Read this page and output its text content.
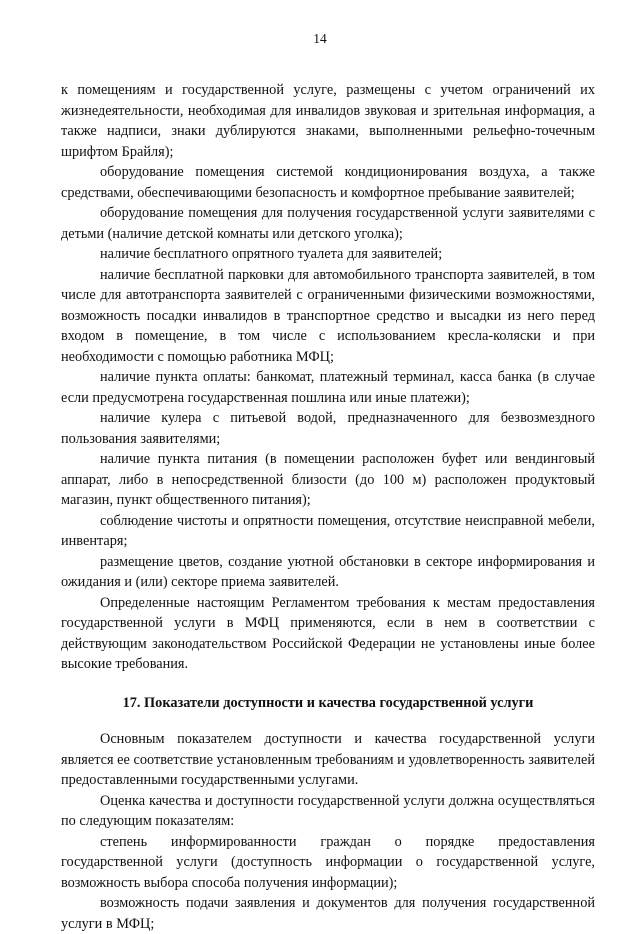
14

к помещениям и государственной услуге, размещены с учетом ограничений их жизнедеятельности, необходимая для инвалидов звуковая и зрительная информация, а также надписи, знаки дублируются знаками, выполненными рельефно-точечным шрифтом Брайля);

оборудование помещения системой кондиционирования воздуха, а также средствами, обеспечивающими безопасность и комфортное пребывание заявителей;

оборудование помещения для получения государственной услуги заявителями с детьми (наличие детской комнаты или детского уголка);

наличие бесплатного опрятного туалета для заявителей;

наличие бесплатной парковки для автомобильного транспорта заявителей, в том числе для автотранспорта заявителей с ограниченными физическими возможностями, возможность посадки инвалидов в транспортное средство и высадки из него перед входом в помещение, в том числе с использованием кресла-коляски и при необходимости с помощью работника МФЦ;

наличие пункта оплаты: банкомат, платежный терминал, касса банка (в случае если предусмотрена государственная пошлина или иные платежи);

наличие кулера с питьевой водой, предназначенного для безвозмездного пользования заявителями;

наличие пункта питания (в помещении расположен буфет или вендинговый аппарат, либо в непосредственной близости (до 100 м) расположен продуктовый магазин, пункт общественного питания);

соблюдение чистоты и опрятности помещения, отсутствие неисправной мебели, инвентаря;

размещение цветов, создание уютной обстановки в секторе информирования и ожидания и (или) секторе приема заявителей.

Определенные настоящим Регламентом требования к местам предоставления государственной услуги в МФЦ применяются, если в нем в соответствии с действующим законодательством Российской Федерации не установлены иные более высокие требования.

17. Показатели доступности и качества государственной услуги

Основным показателем доступности и качества государственной услуги является ее соответствие установленным требованиям и удовлетворенность заявителей предоставленными государственными услугами.

Оценка качества и доступности государственной услуги должна осуществляться по следующим показателям:

степень информированности граждан о порядке предоставления государственной услуги (доступность информации о государственной услуге, возможность выбора способа получения информации);

возможность подачи заявления и документов для получения государственной услуги в МФЦ;
